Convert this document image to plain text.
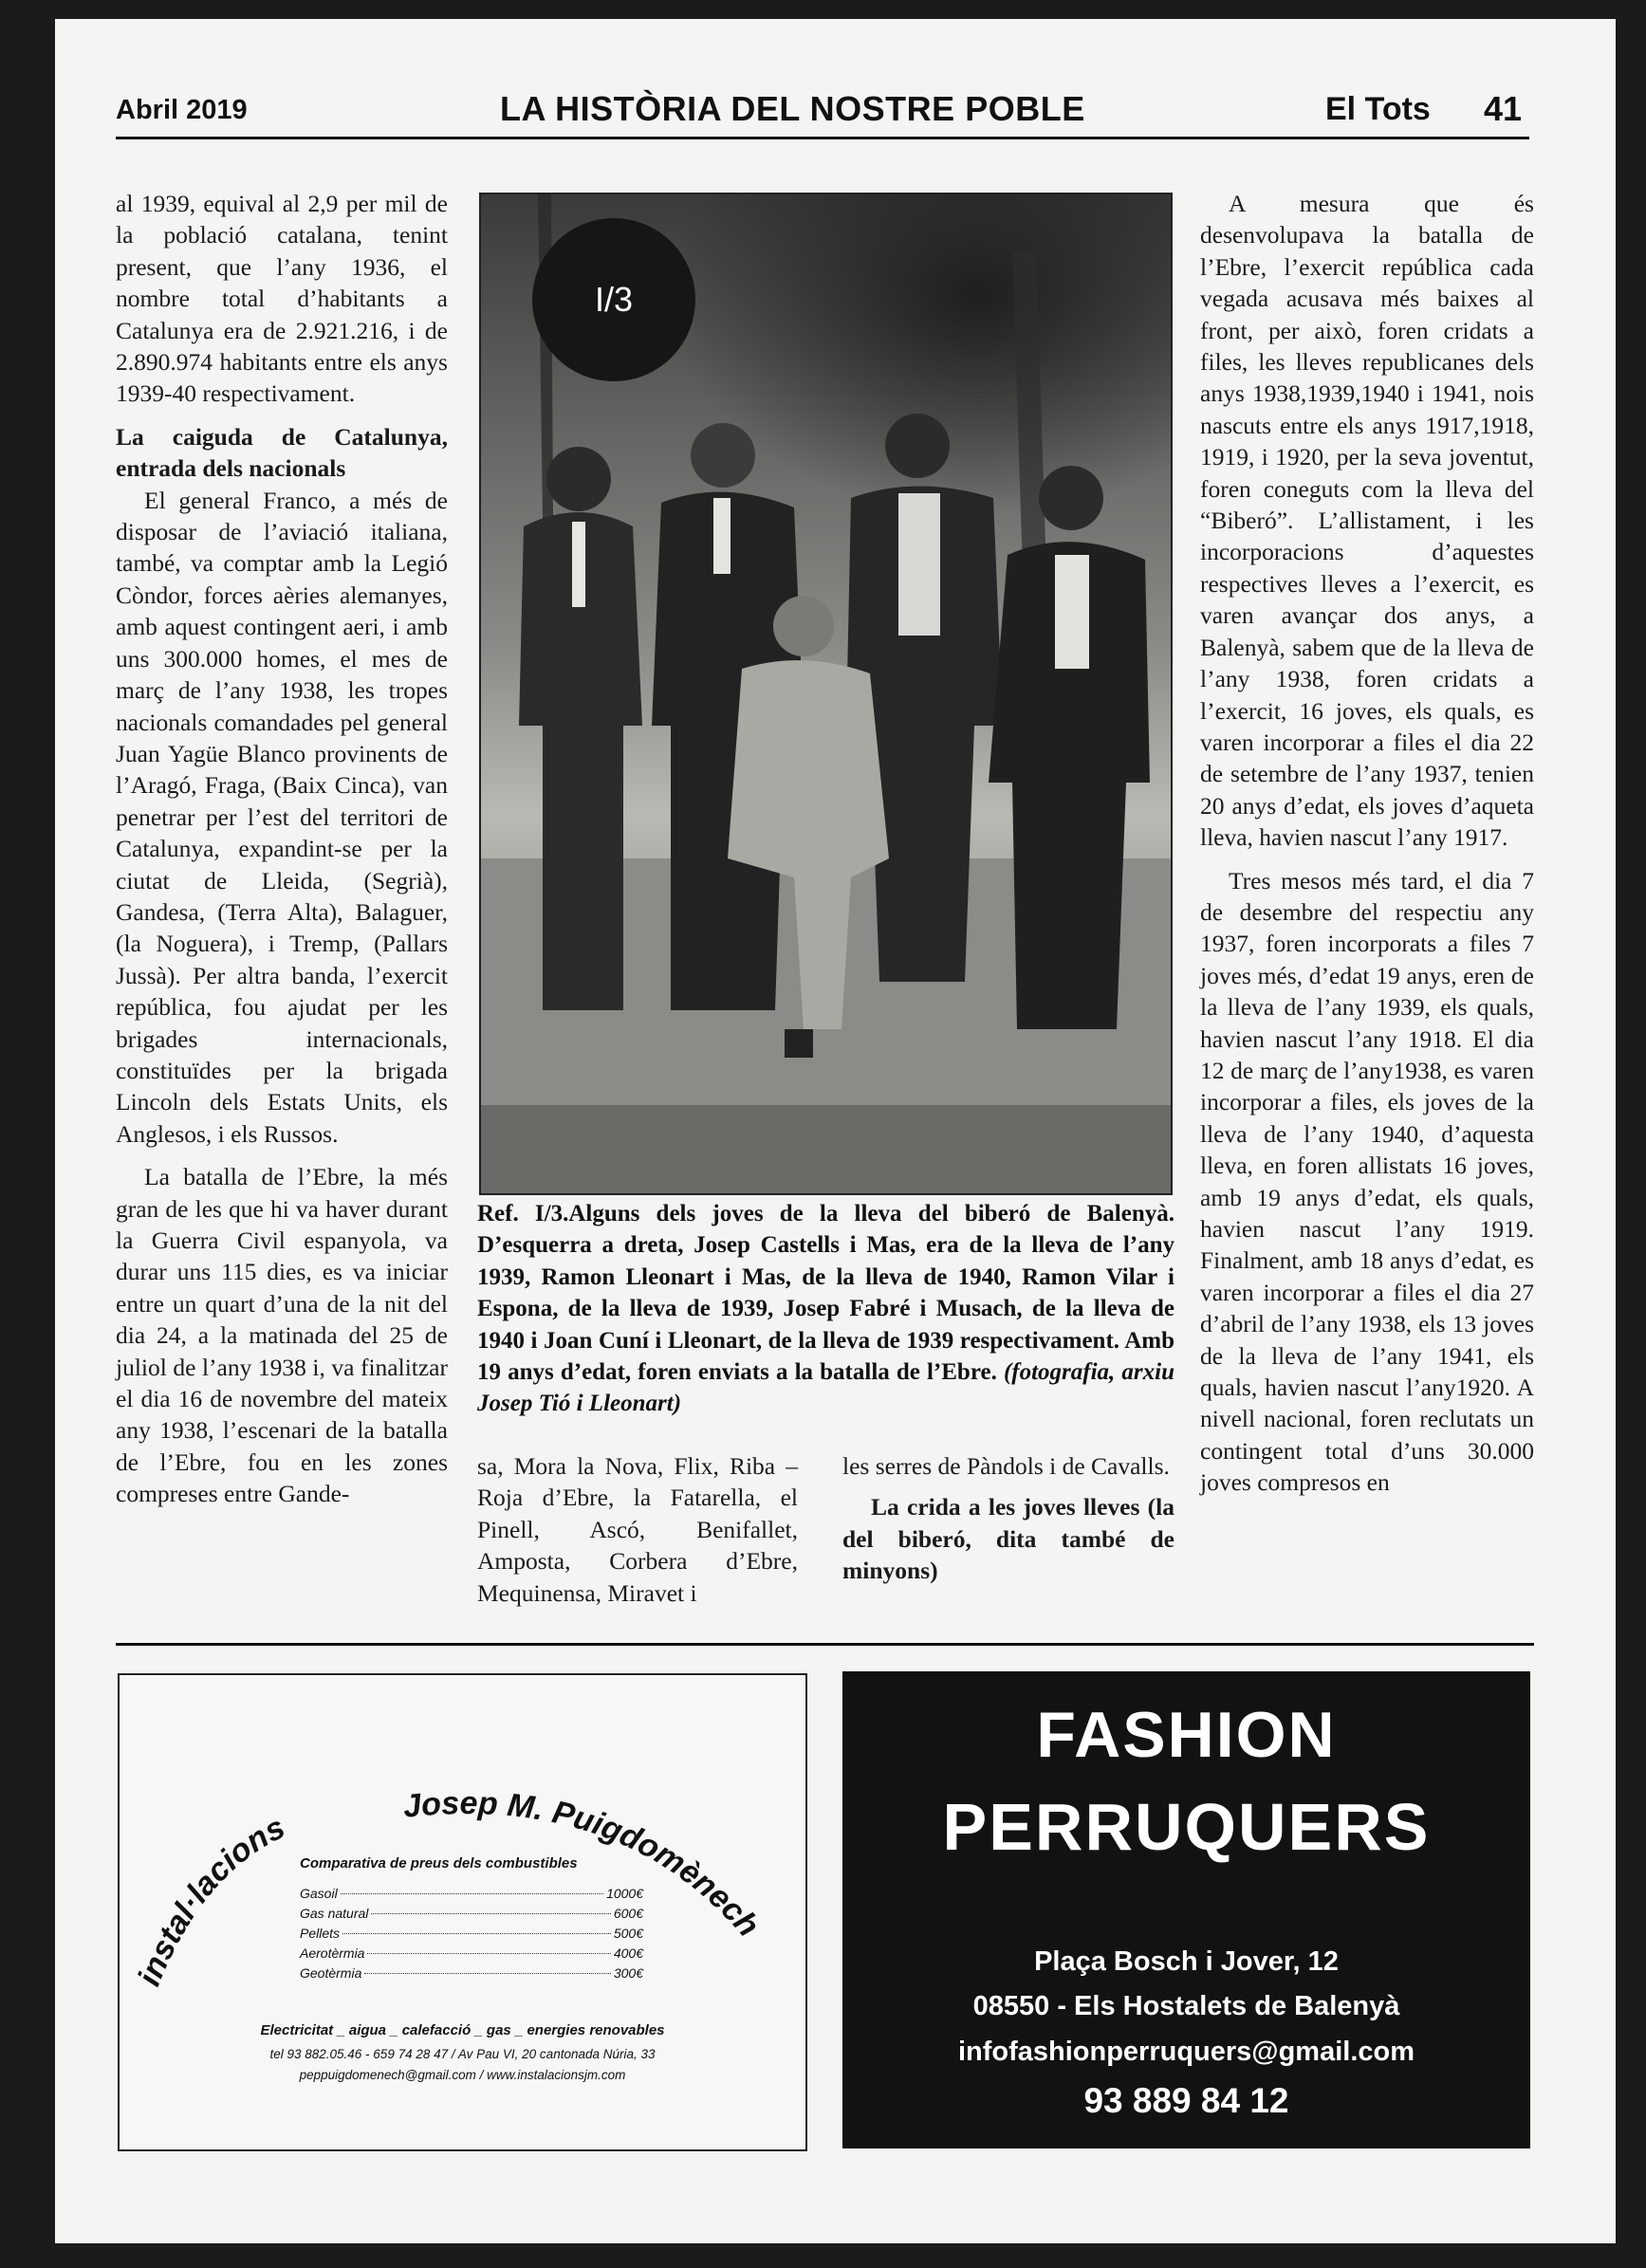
Abril 2019	LA HISTÒRIA DEL NOSTRE POBLE	El Tots 41

al 1939, equival al 2,9 per mil de la població catalana, tenint present, que l’any 1936, el nombre total d’habitants a Catalunya era de 2.921.216, i de 2.890.974 habitants entre els anys 1939-40 respectivament.

La caiguda de Catalunya, entrada dels nacionals

El general Franco, a més de disposar de l’aviació italiana, també, va comptar amb la Legió Còndor, forces aèries alemanyes, amb aquest contingent aeri, i amb uns 300.000 homes, el mes de març de l’any 1938, les tropes nacionals comandades pel general Juan Yagüe Blanco provinents de l’Aragó, Fraga, (Baix Cinca), van penetrar per l’est del territori de Catalunya, expandint-se per la ciutat de Lleida, (Segrià), Gandesa, (Terra Alta), Balaguer, (la Noguera), i Tremp, (Pallars Jussà). Per altra banda, l’exercit república, fou ajudat per les brigades internacionals, constituïdes per la brigada Lincoln dels Estats Units, els Anglesos, i els Russos.

La batalla de l’Ebre, la més gran de les que hi va haver durant la Guerra Civil espanyola, va durar uns 115 dies, es va iniciar entre un quart d’una de la nit del dia 24, a la matinada del 25 de juliol de l’any 1938 i, va finalitzar el dia 16 de novembre del mateix any 1938, l’escenari de la batalla de l’Ebre, fou en les zones compreses entre Gande-

I/3
Ref. I/3.Alguns dels joves de la lleva del biberó de Balenyà. D’esquerra a dreta, Josep Castells i Mas, era de la lleva de l’any 1939, Ramon Lleonart i Mas, de la lleva de 1940, Ramon Vilar i Espona, de la lleva de 1939, Josep Fabré i Musach, de la lleva de 1940 i Joan Cuní i Lleonart, de la lleva de 1939 respectivament. Amb 19 anys d’edat, foren enviats a la batalla de l’Ebre. (fotografia, arxiu Josep Tió i Lleonart)

sa, Mora la Nova, Flix, Riba – Roja d’Ebre, la Fatarella, el Pinell, Ascó, Benifallet, Amposta, Corbera d’Ebre, Mequinensa, Miravet i

les serres de Pàndols i de Cavalls.

La crida a les joves lleves (la del biberó, dita també de minyons)

A mesura que és desenvolupava la batalla de l’Ebre, l’exercit república cada vegada acusava més baixes al front, per això, foren cridats a files, les lleves republicanes dels anys 1938,1939,1940 i 1941, nois nascuts entre els anys 1917,1918, 1919, i 1920, per la seva joventut, foren coneguts com la lleva del “Biberó”. L’allistament, i les incorporacions d’aquestes respectives lleves a l’exercit, es varen avançar dos anys, a Balenyà, sabem que de la lleva de l’any 1938, foren cridats a l’exercit, 16 joves, els quals, es varen incorporar a files el dia 22 de setembre de l’any 1937, tenien 20 anys d’edat, els joves d’aqueta lleva, havien nascut l’any 1917.

Tres mesos més tard, el dia 7 de desembre del respectiu any 1937, foren incorporats a files 7 joves més, d’edat 19 anys, eren de la lleva de l’any 1939, els quals, havien nascut l’any 1918. El dia 12 de març de l’any1938, es varen incorporar a files, els joves de la lleva de l’any 1940, d’aquesta lleva, en foren allistats 16 joves, amb 19 anys d’edat, els quals, havien nascut l’any 1919. Finalment, amb 18 anys d’edat, es varen incorporar a files el dia 27 d’abril de l’any 1938, els 13 joves de la lleva de l’any 1941, els quals, havien nascut l’any1920. A nivell nacional, foren reclutats un contingent total d’uns 30.000 joves compresos en

instal·lacions
Josep M. Puigdomènech
Comparativa de preus dels combustibles
Gasoil	1000€
Gas natural	600€
Pellets	500€
Aerotèrmia	400€
Geotèrmia	300€
Electricitat _ aigua _ calefacció _ gas _ energies renovables
tel 93 882.05.46 - 659 74 28 47 / Av Pau VI, 20 cantonada Núria, 33
peppuigdomenech@gmail.com / www.instalacionsjm.com
FASHION
PERRUQUERS
Plaça Bosch i Jover, 12
08550 - Els Hostalets de Balenyà
infofashionperruquers@gmail.com
93 889 84 12
